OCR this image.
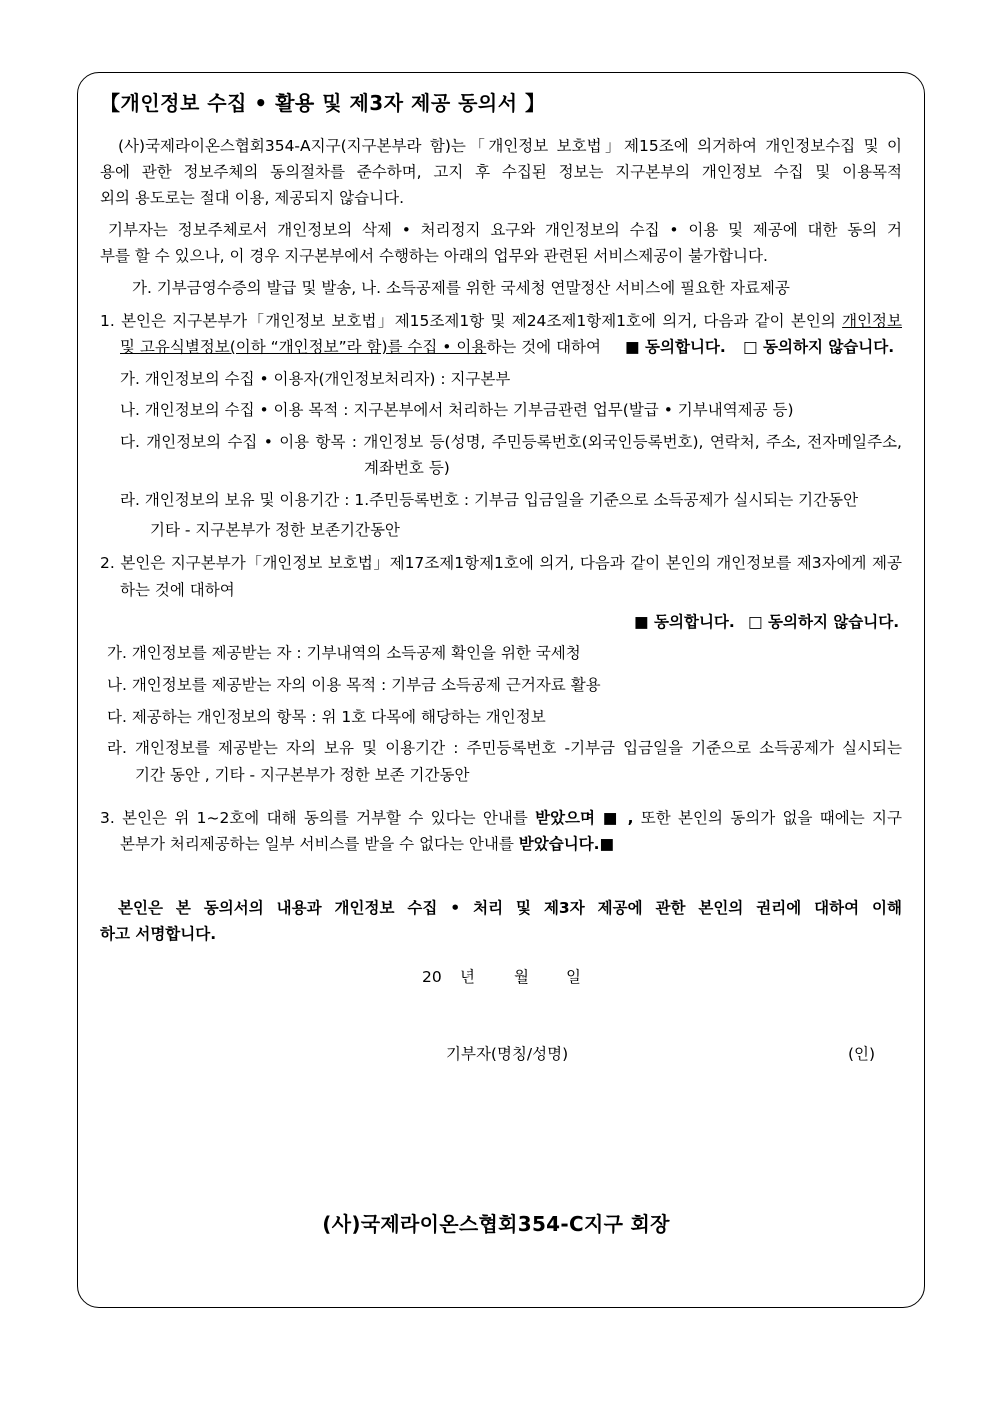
【개인정보 수집 • 활용 및 제3자 제공 동의서 】
(사)국제라이온스협회354-A지구(지구본부라 함)는「개인정보 보호법」제15조에 의거하여 개인정보수집 및 이
용에 관한 정보주체의 동의절차를 준수하며, 고지 후 수집된 정보는 지구본부의 개인정보 수집 및 이용목적
외의 용도로는 절대 이용, 제공되지 않습니다.
기부자는 정보주체로서 개인정보의 삭제 • 처리정지 요구와 개인정보의 수집 • 이용 및 제공에 대한 동의 거
부를 할 수 있으나, 이 경우 지구본부에서 수행하는 아래의 업무와 관련된 서비스제공이 불가합니다.
가. 기부금영수증의 발급 및 발송, 나. 소득공제를 위한 국세청 연말정산 서비스에 필요한 자료제공
1. 본인은 지구본부가「개인정보 보호법」제15조제1항 및 제24조제1항제1호에 의거, 다음과 같이 본인의 개인정보
및 고유식별정보(이하 “개인정보”라 함)를 수집 • 이용하는 것에 대하여 ■ 동의합니다. □ 동의하지 않습니다.
가. 개인정보의 수집 • 이용자(개인정보처리자) : 지구본부
나. 개인정보의 수집 • 이용 목적 : 지구본부에서 처리하는 기부금관련 업무(발급 • 기부내역제공 등)
다. 개인정보의 수집 • 이용 항목 : 개인정보 등(성명, 주민등록번호(외국인등록번호), 연락처, 주소, 전자메일주소,
계좌번호 등)
라. 개인정보의 보유 및 이용기간 : 1.주민등록번호 : 기부금 입금일을 기준으로 소득공제가 실시되는 기간동안
기타 - 지구본부가 정한 보존기간동안
2. 본인은 지구본부가「개인정보 보호법」제17조제1항제1호에 의거, 다음과 같이 본인의 개인정보를 제3자에게 제공
하는 것에 대하여
■ 동의합니다. □ 동의하지 않습니다.
가. 개인정보를 제공받는 자 : 기부내역의 소득공제 확인을 위한 국세청
나. 개인정보를 제공받는 자의 이용 목적 : 기부금 소득공제 근거자료 활용
다. 제공하는 개인정보의 항목 : 위 1호 다목에 해당하는 개인정보
라. 개인정보를 제공받는 자의 보유 및 이용기간 : 주민등록번호 -기부금 입금일을 기준으로 소득공제가 실시되는
기간 동안 , 기타 - 지구본부가 정한 보존 기간동안
3. 본인은 위 1~2호에 대해 동의를 거부할 수 있다는 안내를 받았으며 ■ , 또한 본인의 동의가 없을 때에는 지구
본부가 처리제공하는 일부 서비스를 받을 수 없다는 안내를 받았습니다.■
본인은 본 동의서의 내용과 개인정보 수집 • 처리 및 제3자 제공에 관한 본인의 권리에 대하여 이해
하고 서명합니다.
20 년	월 일
기부자(명칭/성명)	(인)
(사)국제라이온스협회354-C지구 회장
